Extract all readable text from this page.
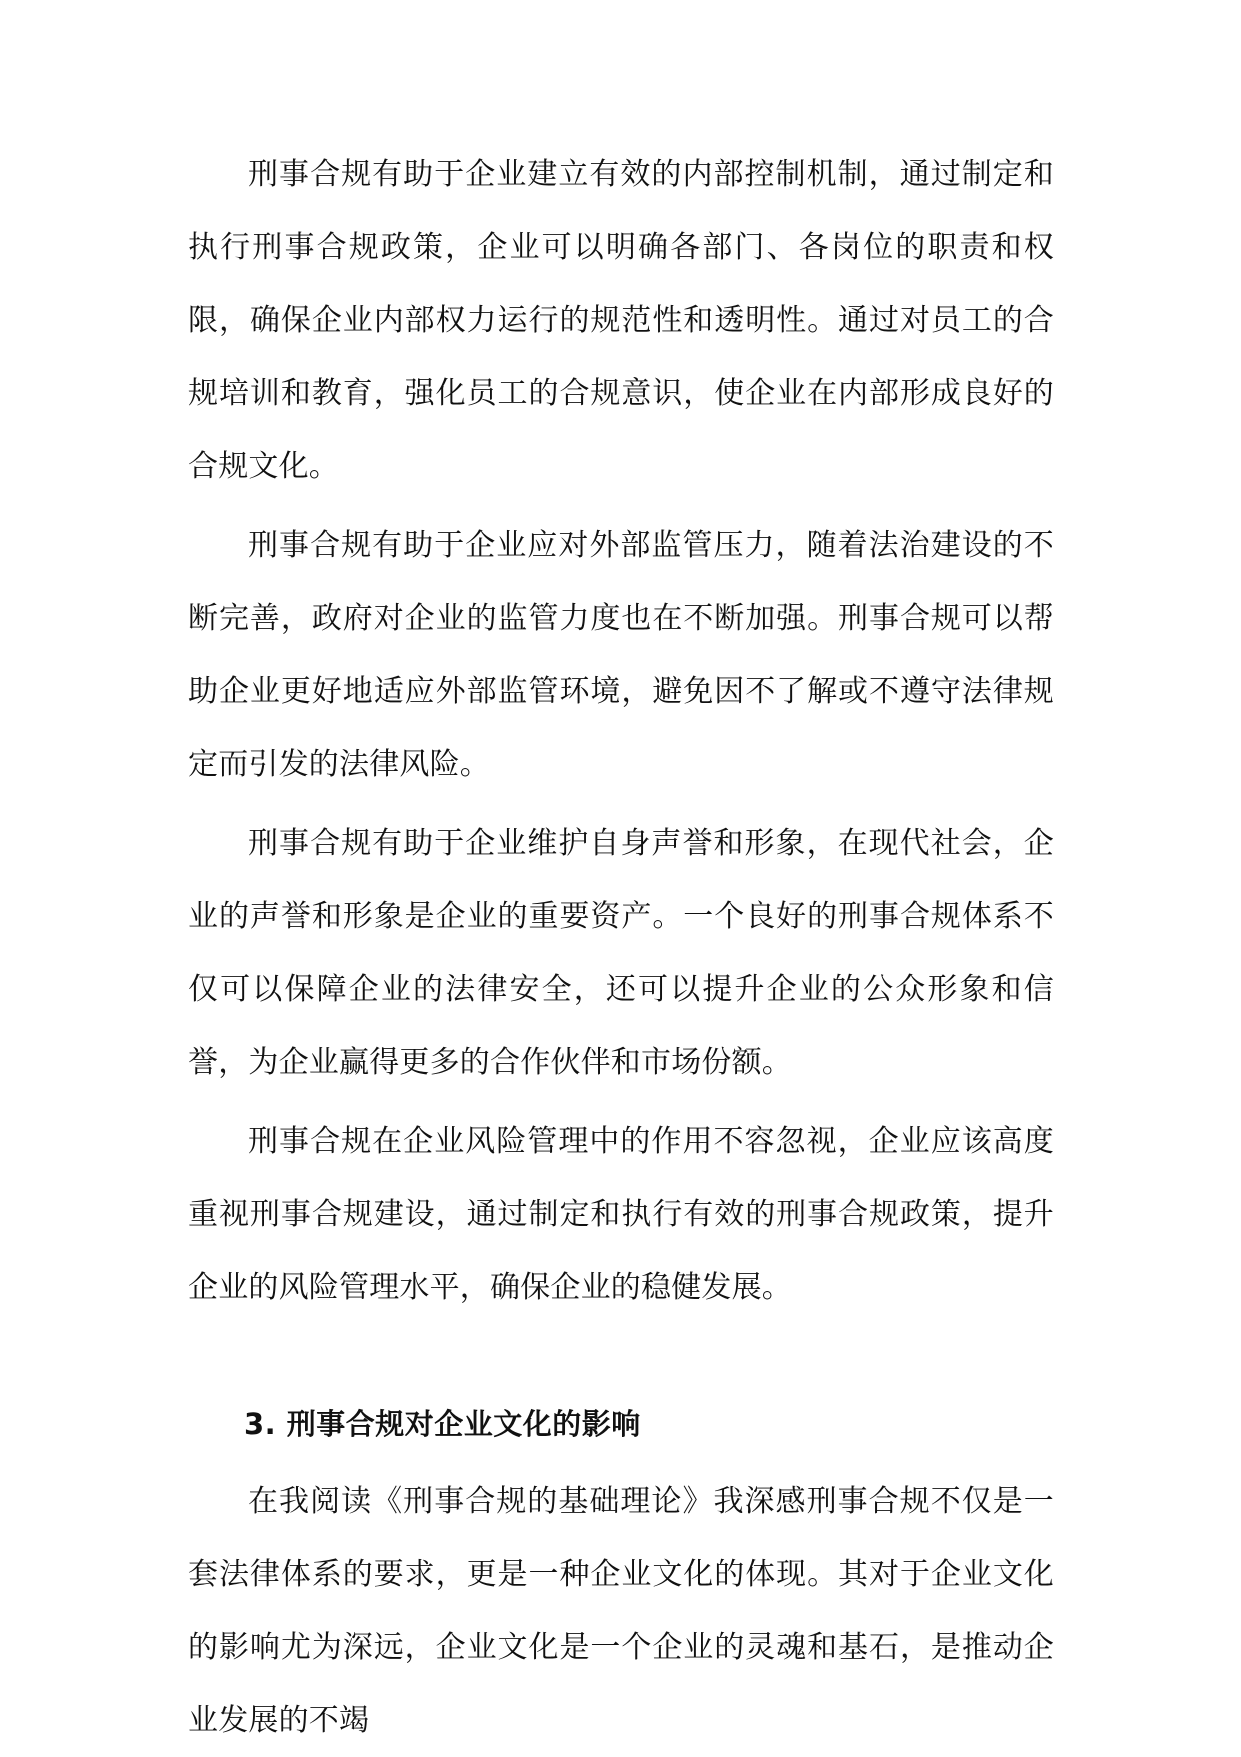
刑事合规有助于企业建立有效的内部控制机制，通过制定和执行刑事合规政策，企业可以明确各部门、各岗位的职责和权限，确保企业内部权力运行的规范性和透明性。通过对员工的合规培训和教育，强化员工的合规意识，使企业在内部形成良好的合规文化。

刑事合规有助于企业应对外部监管压力，随着法治建设的不断完善，政府对企业的监管力度也在不断加强。刑事合规可以帮助企业更好地适应外部监管环境，避免因不了解或不遵守法律规定而引发的法律风险。

刑事合规有助于企业维护自身声誉和形象，在现代社会，企业的声誉和形象是企业的重要资产。一个良好的刑事合规体系不仅可以保障企业的法律安全，还可以提升企业的公众形象和信誉，为企业赢得更多的合作伙伴和市场份额。

刑事合规在企业风险管理中的作用不容忽视，企业应该高度重视刑事合规建设，通过制定和执行有效的刑事合规政策，提升企业的风险管理水平，确保企业的稳健发展。

3. 刑事合规对企业文化的影响

在我阅读《刑事合规的基础理论》我深感刑事合规不仅是一套法律体系的要求，更是一种企业文化的体现。其对于企业文化的影响尤为深远，企业文化是一个企业的灵魂和基石，是推动企业发展的不竭
